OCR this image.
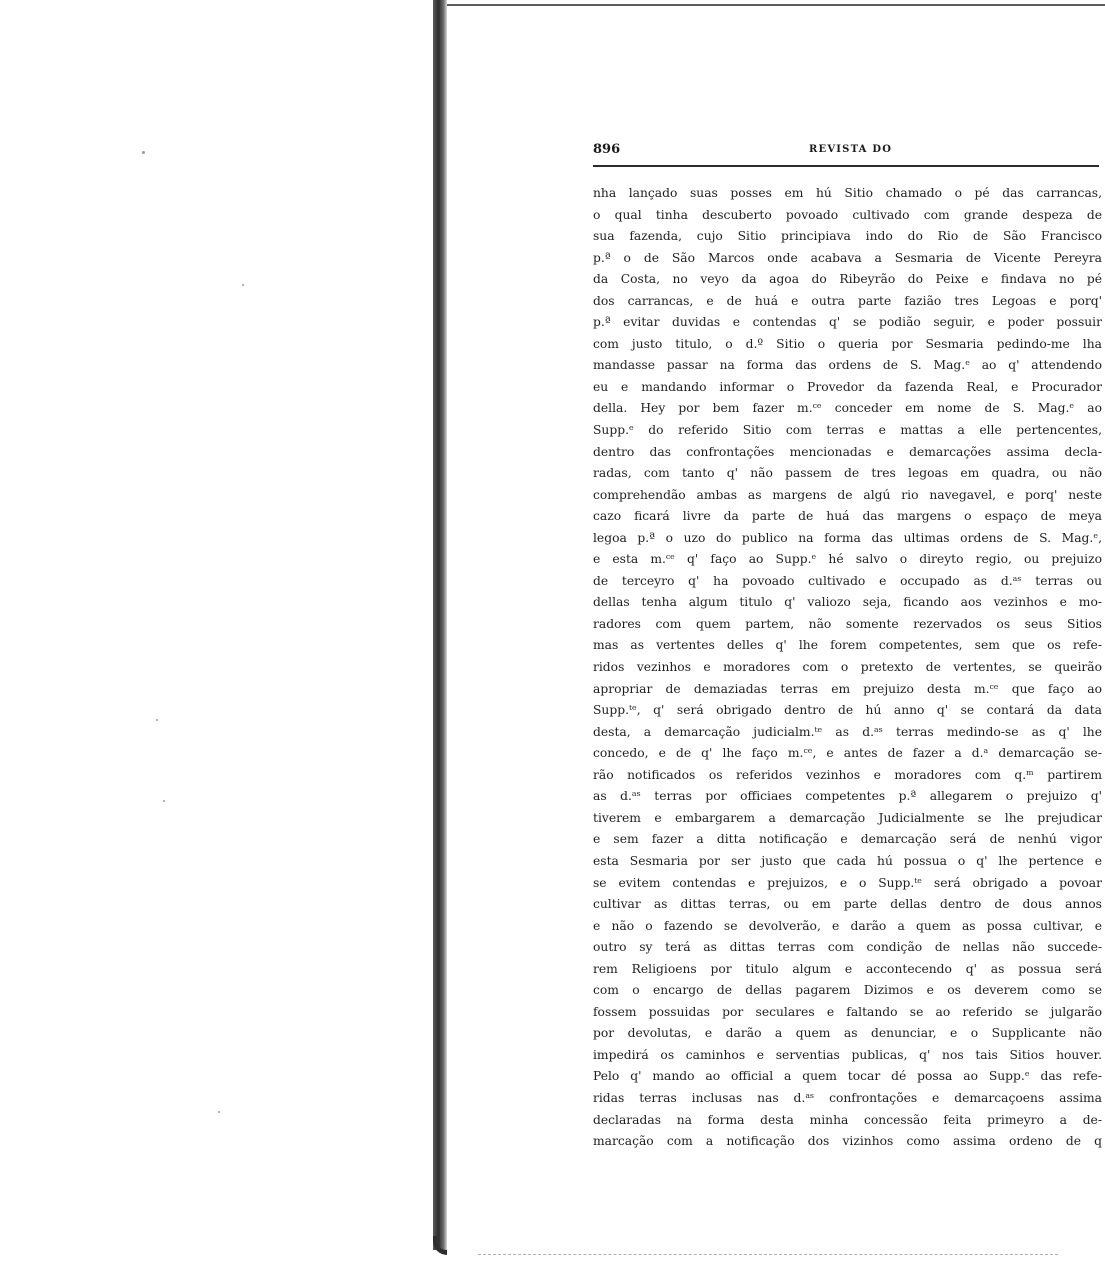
896	REVISTA DO
nha lançado suas posses em hú Sitio chamado o pé das carrancas,
o qual tinha descuberto povoado cultivado com grande despeza de
sua fazenda, cujo Sitio principiava indo do Rio de São Francisco
p.ª o de São Marcos onde acabava a Sesmaria de Vicente Pereyra
da Costa, no veyo da agoa do Ribeyrão do Peixe e findava no pé
dos carrancas, e de huá e outra parte fazião tres Legoas e porq'
p.ª evitar duvidas e contendas q' se podião seguir, e poder possuir
com justo titulo, o d.º Sitio o queria por Sesmaria pedindo-me lha
mandasse passar na forma das ordens de S. Mag.ᵉ ao q' attendendo
eu e mandando informar o Provedor da fazenda Real, e Procurador
della. Hey por bem fazer m.ᶜᵉ conceder em nome de S. Mag.ᵉ ao
Supp.ᵉ do referido Sitio com terras e mattas a elle pertencentes,
dentro das confrontações mencionadas e demarcações assima decla-
radas, com tanto q' não passem de tres legoas em quadra, ou não
comprehendão ambas as margens de algú rio navegavel, e porq' neste
cazo ficará livre da parte de huá das margens o espaço de meya
legoa p.ª o uzo do publico na forma das ultimas ordens de S. Mag.ᵉ,
e esta m.ᶜᵉ q' faço ao Supp.ᵉ hé salvo o direyto regio, ou prejuizo
de terceyro q' ha povoado cultivado e occupado as d.ᵃˢ terras ou
dellas tenha algum titulo q' valiozo seja, ficando aos vezinhos e mo-
radores com quem partem, não somente rezervados os seus Sitios
mas as vertentes delles q' lhe forem competentes, sem que os refe-
ridos vezinhos e moradores com o pretexto de vertentes, se queirão
apropriar de demaziadas terras em prejuizo desta m.ᶜᵉ que faço ao
Supp.ᵗᵉ, q' será obrigado dentro de hú anno q' se contará da data
desta, a demarcação judicialm.ᵗᵉ as d.ᵃˢ terras medindo-se as q' lhe
concedo, e de q' lhe faço m.ᶜᵉ, e antes de fazer a d.ᵃ demarcação se-
rão notificados os referidos vezinhos e moradores com q.ᵐ partirem
as d.ᵃˢ terras por officiaes competentes p.ª allegarem o prejuizo q'
tiverem e embargarem a demarcação Judicialmente se lhe prejudicar
e sem fazer a ditta notificação e demarcação será de nenhú vigor
esta Sesmaria por ser justo que cada hú possua o q' lhe pertence e
se evitem contendas e prejuizos, e o Supp.ᵗᵉ será obrigado a povoar
cultivar as dittas terras, ou em parte dellas dentro de dous annos
e não o fazendo se devolverão, e darão a quem as possa cultivar, e
outro sy terá as dittas terras com condição de nellas não succede-
rem Religioens por titulo algum e accontecendo q' as possua será
com o encargo de dellas pagarem Dizimos e os deverem como se
fossem possuidas por seculares e faltando se ao referido se julgarão
por devolutas, e darão a quem as denunciar, e o Supplicante não
impedirá os caminhos e serventias publicas, q' nos tais Sitios houver.
Pelo q' mando ao official a quem tocar dé possa ao Supp.ᵉ das refe-
ridas terras inclusas nas d.ᵃˢ confrontações e demarcaçoens assima
declaradas na forma desta minha concessão feita primeyro a de-
marcação com a notificação dos vizinhos como assima ordeno de q
